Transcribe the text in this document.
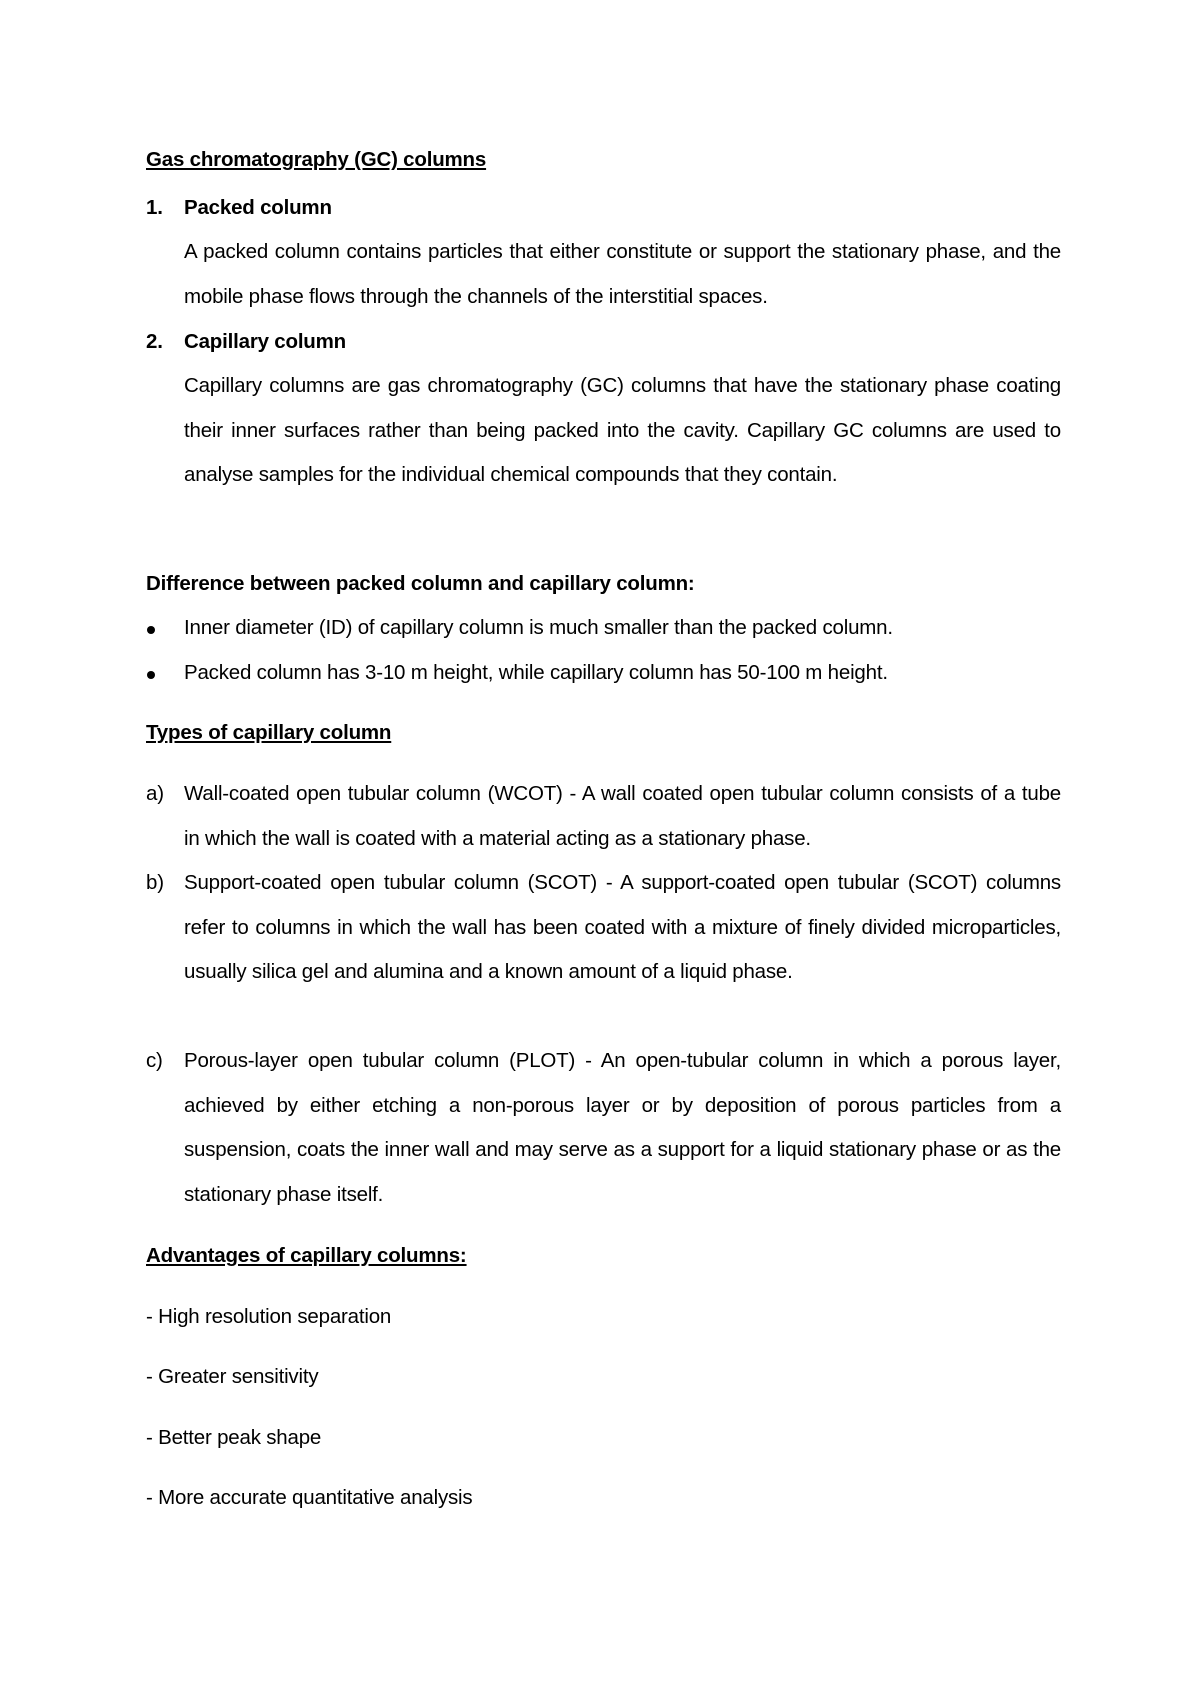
Gas chromatography (GC) columns
1. Packed column
A packed column contains particles that either constitute or support the stationary phase, and the mobile phase flows through the channels of the interstitial spaces.
2. Capillary column
Capillary columns are gas chromatography (GC) columns that have the stationary phase coating their inner surfaces rather than being packed into the cavity. Capillary GC columns are used to analyse samples for the individual chemical compounds that they contain.
Difference between packed column and capillary column:
Inner diameter (ID) of capillary column is much smaller than the packed column.
Packed column has 3-10 m height, while capillary column has 50-100 m height.
Types of capillary column
a) Wall-coated open tubular column (WCOT) - A wall coated open tubular column consists of a tube in which the wall is coated with a material acting as a stationary phase.
b) Support-coated open tubular column (SCOT) - A support-coated open tubular (SCOT) columns refer to columns in which the wall has been coated with a mixture of finely divided microparticles, usually silica gel and alumina and a known amount of a liquid phase.
c) Porous-layer open tubular column (PLOT) - An open-tubular column in which a porous layer, achieved by either etching a non-porous layer or by deposition of porous particles from a suspension, coats the inner wall and may serve as a support for a liquid stationary phase or as the stationary phase itself.
Advantages of capillary columns:
- High resolution separation
- Greater sensitivity
- Better peak shape
- More accurate quantitative analysis
